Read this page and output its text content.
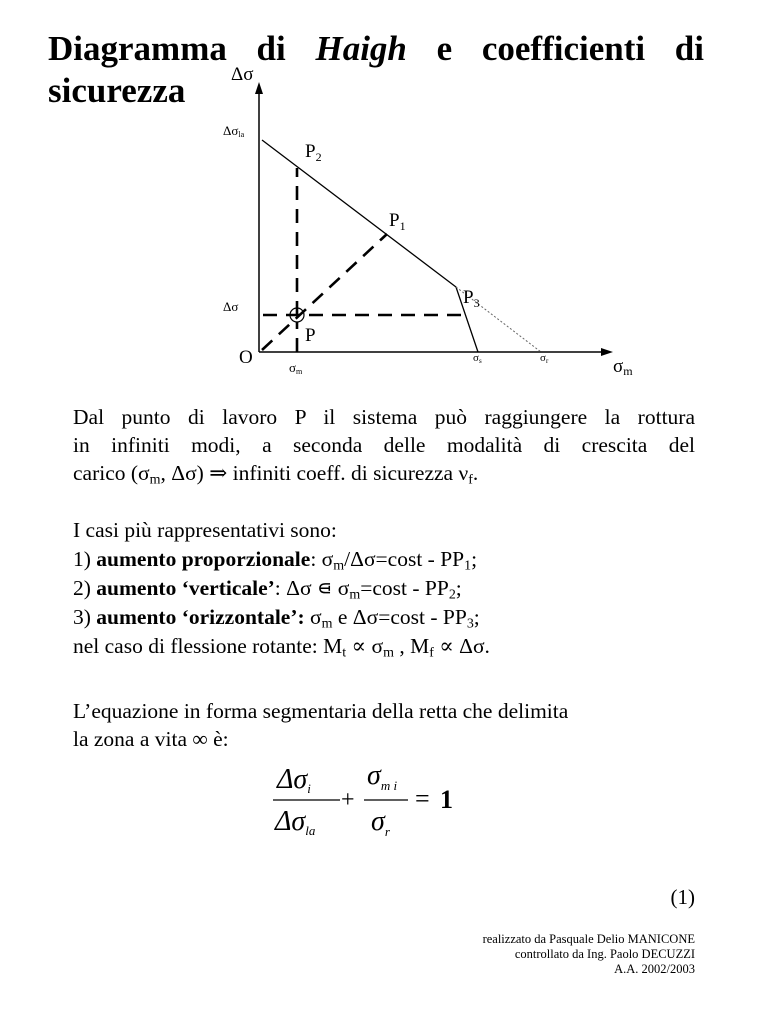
Diagramma di Haigh e coefficienti di
sicurezza	Δσ
σm
O
Δσla
Δσ
σm
σs	σr
P
$P_1$
$P_2$
$P_3$
Dal punto di lavoro P il sistema può raggiungere la rottura
in infiniti modi, a seconda delle modalità di crescita del
carico ($\sigma_m$, Δσ) ⇒ infiniti coeff. di sicurezza $\nu_f$.
I casi più rappresentativi sono:
1) aumento proporzionale: $\sigma_m/\Delta\sigma=\cos t - PP_1$;
2) aumento ‘verticale’: Δσ ⋴ $\sigma_m=\cos t - PP_2$;
3) aumento ‘orizzontale’: $\sigma_m$ e $\Delta\sigma=\cos t - PP_3$;
nel caso di flessione rotante: $M_t \propto \sigma_m$ , $M_f \propto \Delta\sigma$.
L’equazione in forma segmentaria della retta che delimita
la zona a vita ∞ è:
Δσi
Δσla
+
$\sigma_{m i}$
$\sigma_r$
= 1
(1)
realizzato da Pasquale Delio MANICONE
controllato da Ing. Paolo DECUZZI
A.A. 2002/2003
